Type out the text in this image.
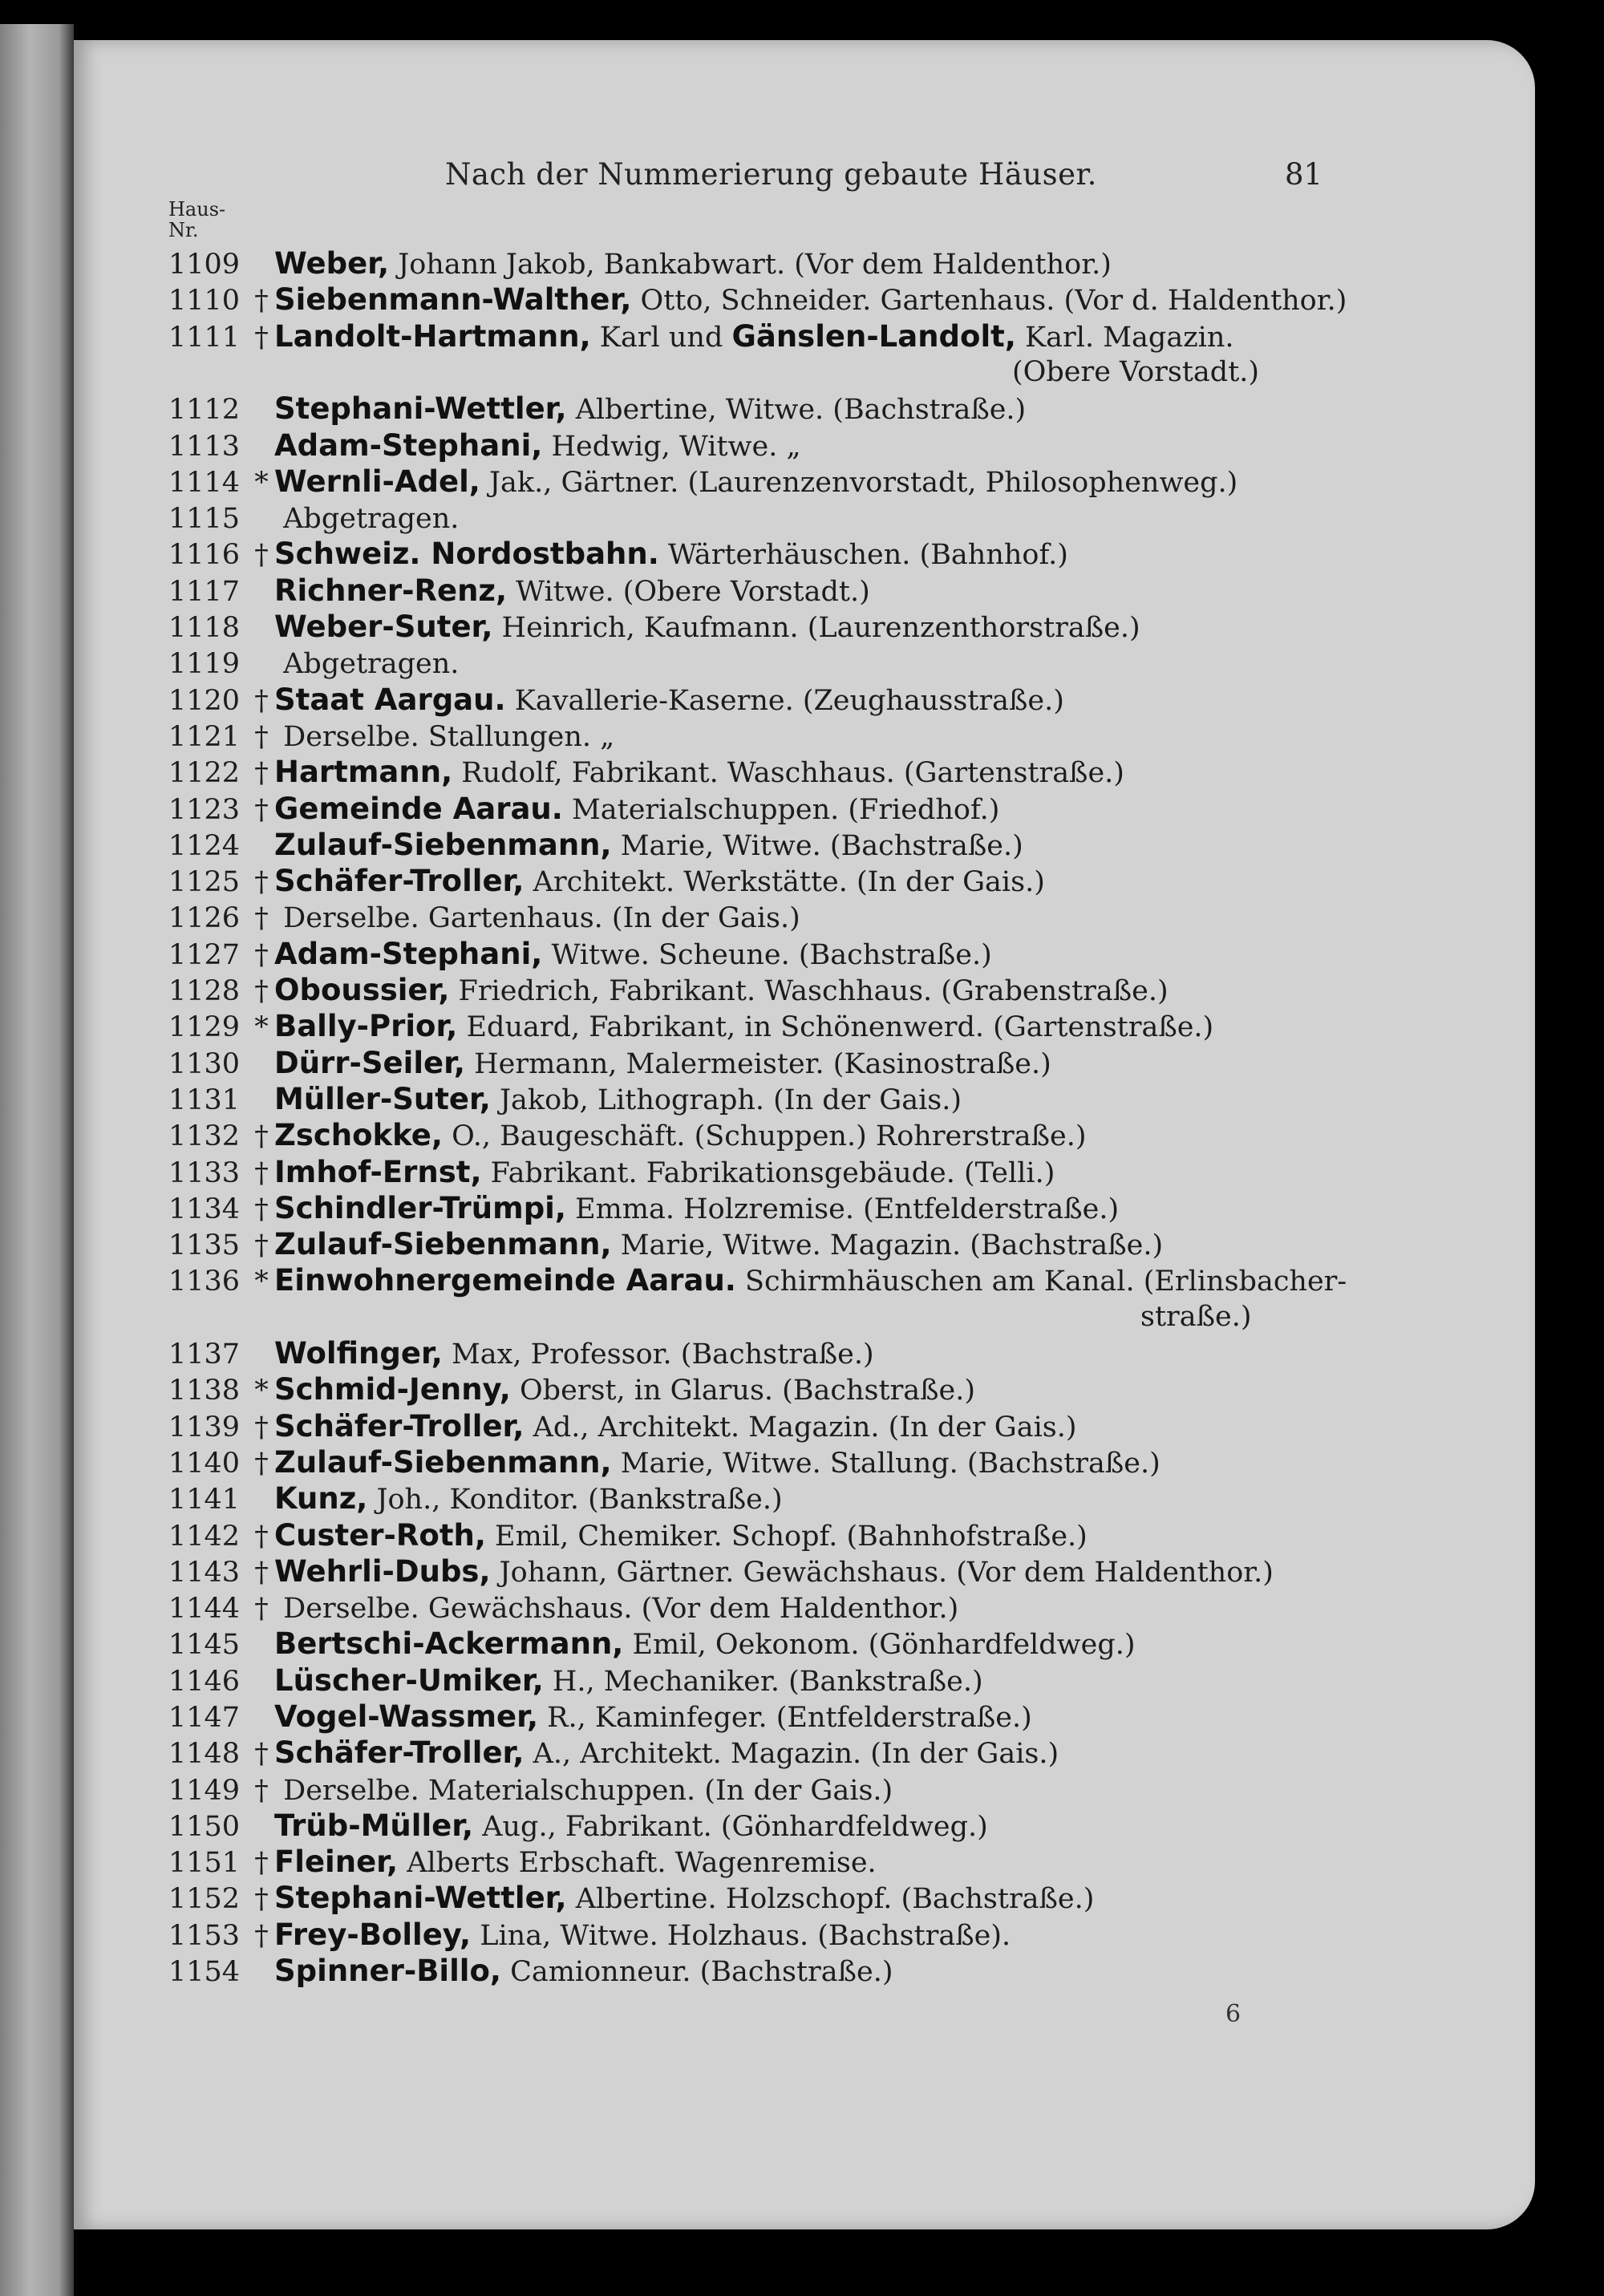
Nach der Nummerierung gebaute Häuser.	81
Haus-
Nr.
1109 Weber, Johann Jakob, Bankabwart. (Vor dem Haldenthor.)
1110 † Siebenmann-Walther, Otto, Schneider. Gartenhaus. (Vor d. Haldenthor.)
1111 † Landolt-Hartmann, Karl und Gänslen-Landolt, Karl. Magazin.
(Obere Vorstadt.)
1112 Stephani-Wettler, Albertine, Witwe. (Bachstraße.)
1113 Adam-Stephani, Hedwig, Witwe. „
1114 * Wernli-Adel, Jak., Gärtner. (Laurenzenvorstadt, Philosophenweg.)
1115 Abgetragen.
1116 † Schweiz. Nordostbahn. Wärterhäuschen. (Bahnhof.)
1117 Richner-Renz, Witwe. (Obere Vorstadt.)
1118 Weber-Suter, Heinrich, Kaufmann. (Laurenzenthorstraße.)
1119 Abgetragen.
1120 † Staat Aargau. Kavallerie-Kaserne. (Zeughausstraße.)
1121 † Derselbe. Stallungen. „
1122 † Hartmann, Rudolf, Fabrikant. Waschhaus. (Gartenstraße.)
1123 † Gemeinde Aarau. Materialschuppen. (Friedhof.)
1124 Zulauf-Siebenmann, Marie, Witwe. (Bachstraße.)
1125 † Schäfer-Troller, Architekt. Werkstätte. (In der Gais.)
1126 † Derselbe. Gartenhaus. (In der Gais.)
1127 † Adam-Stephani, Witwe. Scheune. (Bachstraße.)
1128 † Oboussier, Friedrich, Fabrikant. Waschhaus. (Grabenstraße.)
1129 * Bally-Prior, Eduard, Fabrikant, in Schönenwerd. (Gartenstraße.)
1130 Dürr-Seiler, Hermann, Malermeister. (Kasinostraße.)
1131 Müller-Suter, Jakob, Lithograph. (In der Gais.)
1132 † Zschokke, O., Baugeschäft. (Schuppen.) Rohrerstraße.)
1133 † Imhof-Ernst, Fabrikant. Fabrikationsgebäude. (Telli.)
1134 † Schindler-Trümpi, Emma. Holzremise. (Entfelderstraße.)
1135 † Zulauf-Siebenmann, Marie, Witwe. Magazin. (Bachstraße.)
1136 * Einwohnergemeinde Aarau. Schirmhäuschen am Kanal. (Erlinsbacher-
straße.)
1137 Wolfinger, Max, Professor. (Bachstraße.)
1138 * Schmid-Jenny, Oberst, in Glarus. (Bachstraße.)
1139 † Schäfer-Troller, Ad., Architekt. Magazin. (In der Gais.)
1140 † Zulauf-Siebenmann, Marie, Witwe. Stallung. (Bachstraße.)
1141 Kunz, Joh., Konditor. (Bankstraße.)
1142 † Custer-Roth, Emil, Chemiker. Schopf. (Bahnhofstraße.)
1143 † Wehrli-Dubs, Johann, Gärtner. Gewächshaus. (Vor dem Haldenthor.)
1144 † Derselbe. Gewächshaus. (Vor dem Haldenthor.)
1145 Bertschi-Ackermann, Emil, Oekonom. (Gönhardfeldweg.)
1146 Lüscher-Umiker, H., Mechaniker. (Bankstraße.)
1147 Vogel-Wassmer, R., Kaminfeger. (Entfelderstraße.)
1148 † Schäfer-Troller, A., Architekt. Magazin. (In der Gais.)
1149 † Derselbe. Materialschuppen. (In der Gais.)
1150 Trüb-Müller, Aug., Fabrikant. (Gönhardfeldweg.)
1151 † Fleiner, Alberts Erbschaft. Wagenremise.
1152 † Stephani-Wettler, Albertine. Holzschopf. (Bachstraße.)
1153 † Frey-Bolley, Lina, Witwe. Holzhaus. (Bachstraße).
1154 Spinner-Billo, Camionneur. (Bachstraße.)
6
